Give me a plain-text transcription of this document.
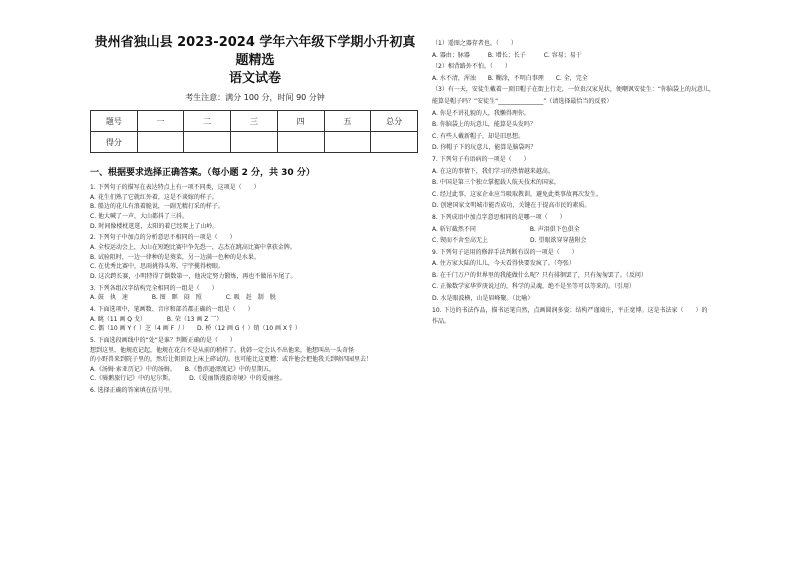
贵州省独山县 2023-2024 学年六年级下学期小升初真题精选
语文试卷
考生注意：满分 100 分，时间 90 分钟
题号	一	二	三	四	五	总分
得分						
一、根据要求选择正确答案。（每小题 2 分，共 30 分）
1. 下列句子的描写在表达特点上有一项不同类，这项是（　　）
A. 花生们熟了它就红外着，这是不谈嫁的样子。
B. 船边的花儿有浪着脆说，一副无精打采的样子。
C. 他大喊了一声，大山都抖了三抖。
D. 时间像楼枕逛逛，太阳的着已经爬上了山岭。
2. 下列句子中加点的分析意思不相同的一项是（　　）
A. 全校运动会上，大山在短跑比赛中争先恐一，志杰在跳高比赛中拿获金牌。
B. 试验阻时，一边一律种的是葵菜，另一边满一色种的是水果。
C. 在优秀比赛中，思雨挑得头筹，宁宇揽得榜眼。
D. 这次跨长赛，小明特得了倒数第一，他决定努力锻炼，再也不做吊车尾了。
3. 下列各组汉字结构完全相同的一组是（　　）
A. 鼓　执　速　　　　B. 图　眶　闷　照　　　　C. 吸　赶　制　脱
4. 下面选项中，笔画数、音序和部首都正确的一组是（　　）
A. 眺（11 画 Q 戈）　　　　B. 荣（13 画 Z 乛）
C. 偶（10 画 Y 亻）芝（4 画 F 丿）　　D. 桥（12 画 G 亻）销（10 画 X 钅）
5. 下面选段画线中的“处”是谁？判断正确的是（　　）
想到这里，他规范记起，他规在花白不是从前的稍样了。犹韩一定会认不出他来，他想叫出一头奇怪
的小野兽来到院子里的，然后让佣顶设上床上碎试的。也可能比这更糟：或许他会把他我关到啥四园里去！
A.《汤姆·索亚历记》中的汤姆。　　B.《鲁滨逊漂流记》中的星期五。
C.《骑鹅旅行记》中的尼尔斯。　　　D.《爱丽斯漫游奇境》中的爱丽丝。
6. 选择正确的答案填在括号里。
（1）遥图之器存者也。（　　）
A. 器由；脉器　　　B. 增长；长子　　　C. 容易；易于
（2）相背路外不怕。（　　）
A. 水不清，浑浊　　B. 糊涂，不明白事理　　C. 全，完全
（3）有一天，安徒生戴着一顶旧帽子在街上行走，一位贵汉家见状，便嘲讽安徒生：“你脑袋上的玩意儿，
能算是帽子吗？”安徒生“_______________”（请选择最恰当的反驳）
A. 你是不讲礼貌的人，我懒得理你。
B. 你脑袋上的玩意儿，能算是头发吗？
C. 有些人戴新帽子，却是旧思想。
D. 你帽子下的玩意儿，能算是脑袋吗？
7. 下列句子有语病的一项是（　　）
A. 在这的事情下，我们学习的热情越来越高。
B. 中国是第三个独立掌握载人航天技术的国家。
C. 经过此事，这家企业应当吸取教训，避免此类事故再次发生。
D. 创建国家文明城市能否成功，关键在于提高市民的素质。
8. 下列成语中加点字意思相同的是哪一项（　　）
A. 斩钉截然不同　　　　　　　　　B. 声泪俱下色俱全
C. 锲而不舍至高无上　　　　　　　D. 望眼欲穿穿凿附会
9. 下列句子运用的修辞手法判断有误的一项是（　　）
A. 住方家大陆的儿儿，今天看得快要发疯了。（夸张）
B. 在千门万户的世界里的我能做什么呢？只有徘徊罢了，只有匆匆罢了。（反问）
C. 正像数学家华罗庚说过的，科学的灵魂，绝不是坐等可以等来的。（引用）
D. 水是眼波横，山是眉峰聚。（比喻）
10. 下边的书法作品，描书运笔自然，点画圆润多姿；结构严谨端庄，平正宽博。这是书法家（　　）的
作品。
